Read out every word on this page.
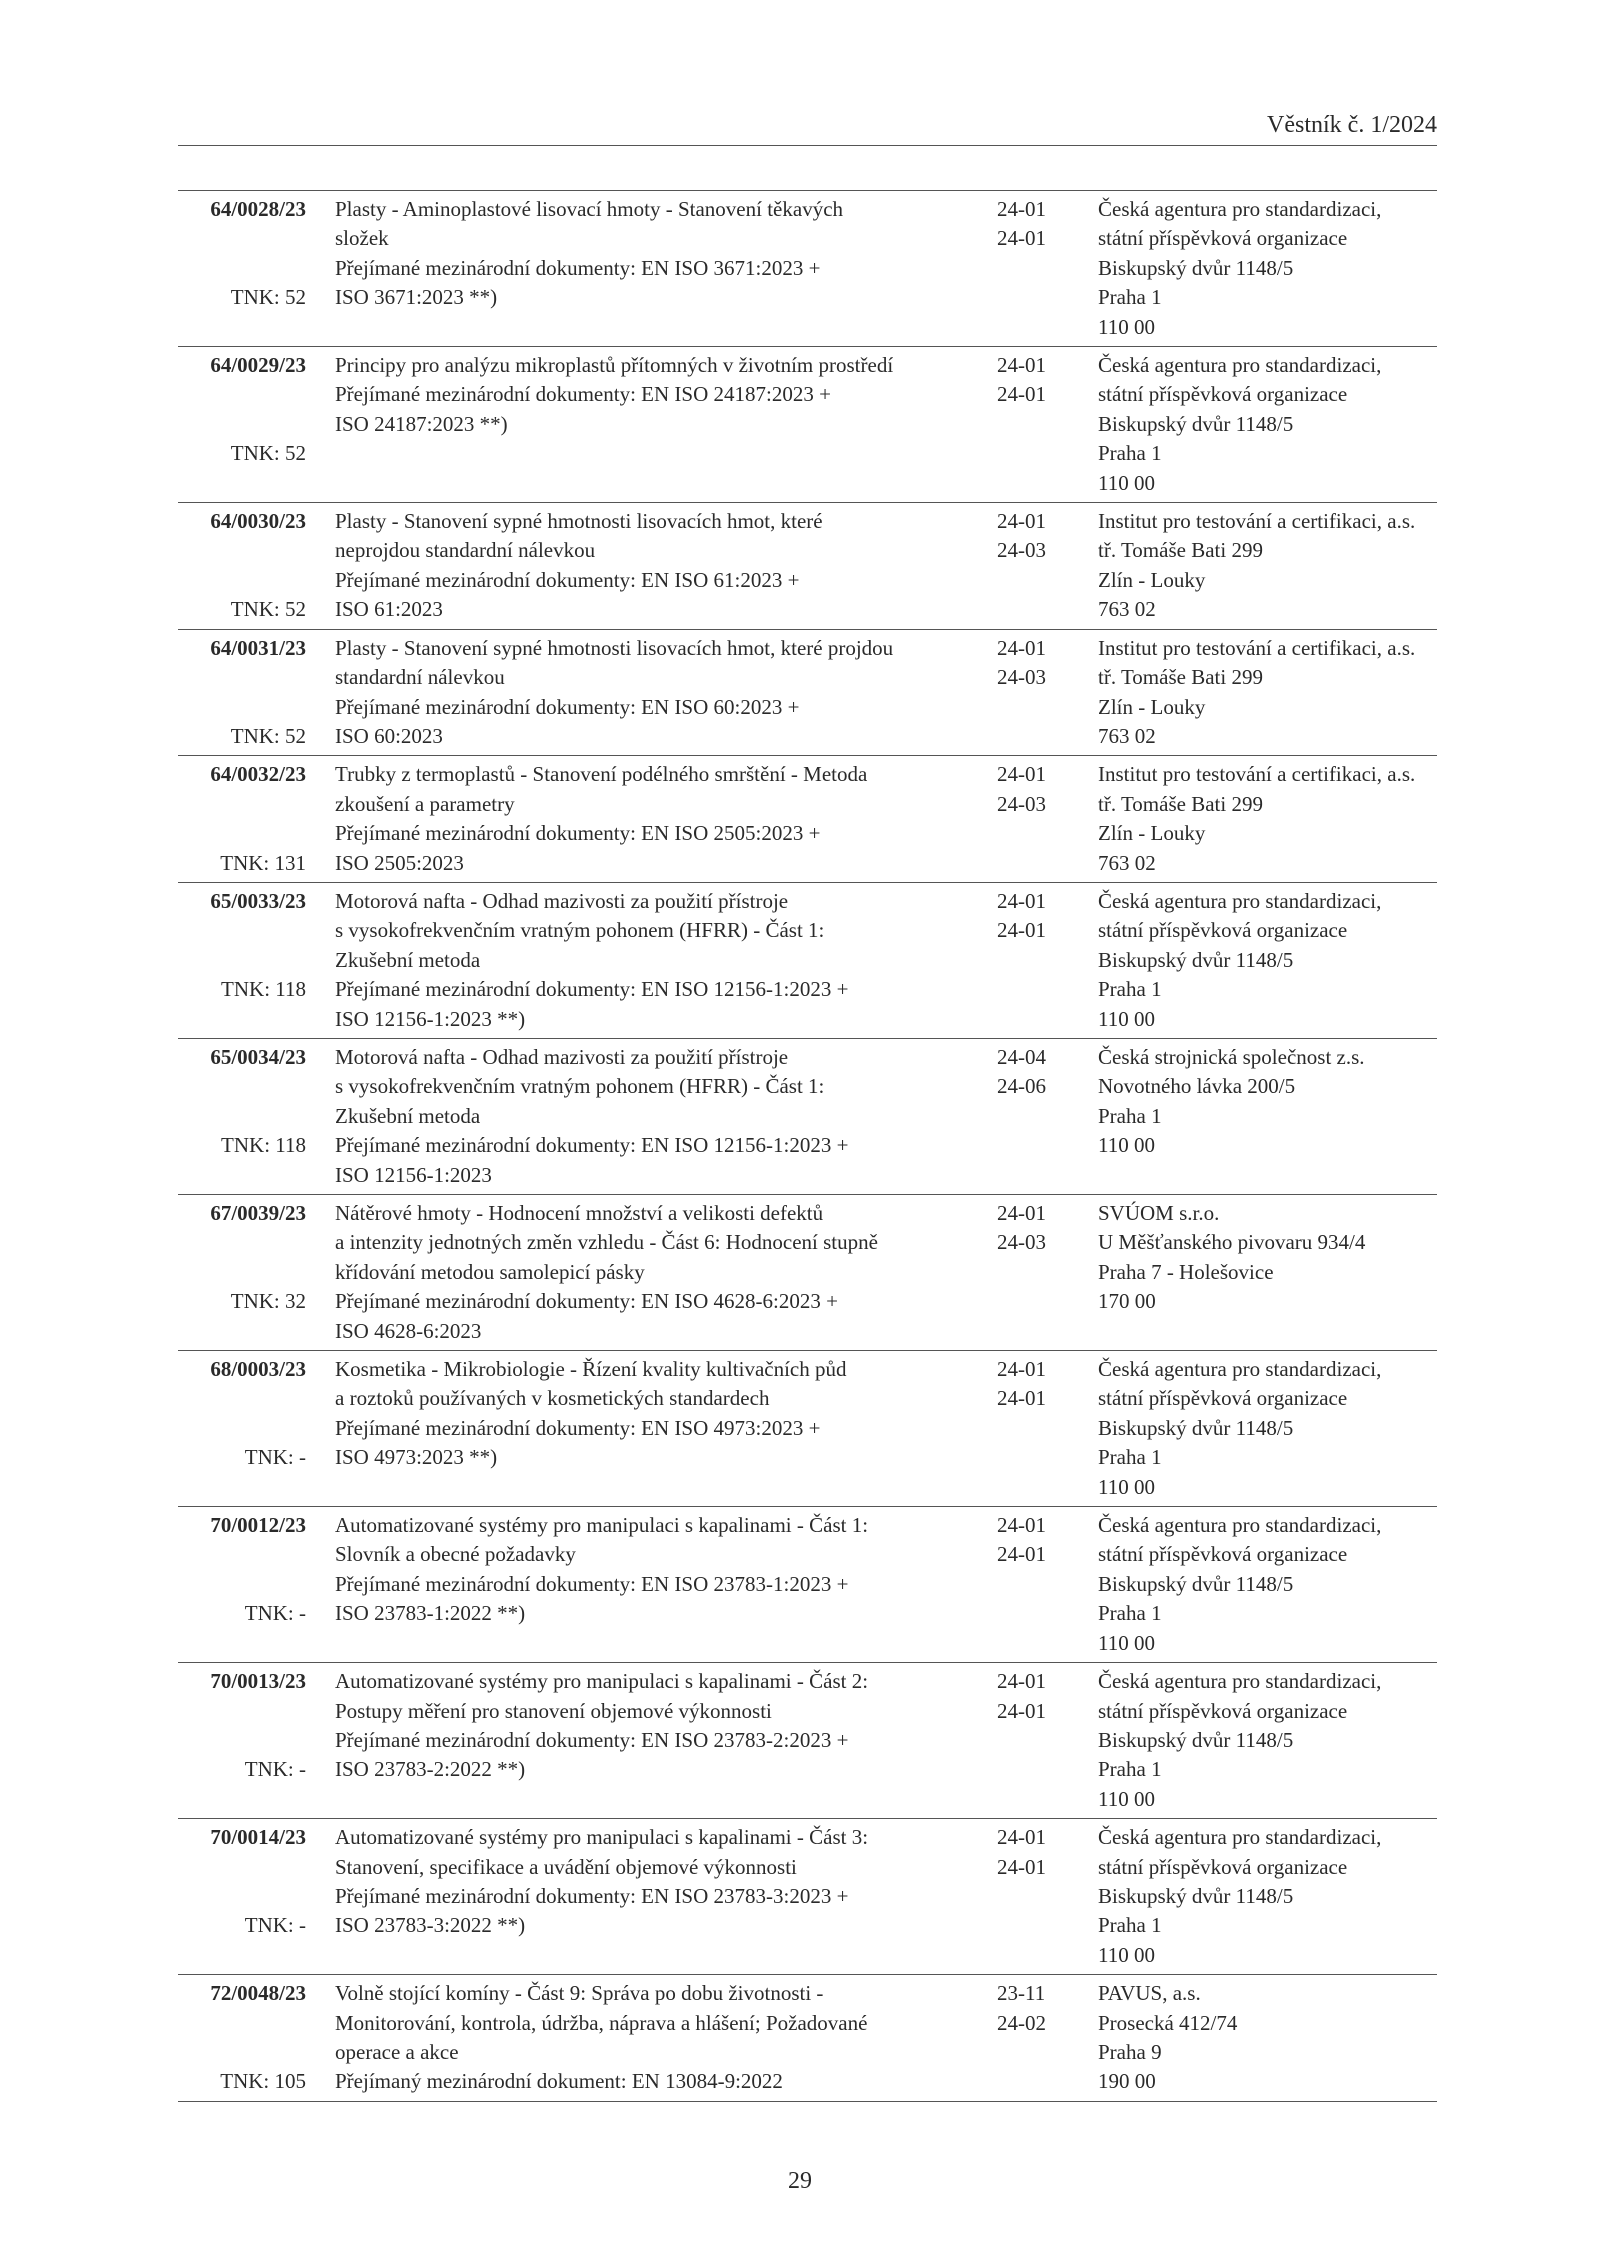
Věstník č. 1/2024
64/0028/23
TNK: 52
Plasty - Aminoplastové lisovací hmoty - Stanovení těkavých
složek
Přejímané mezinárodní dokumenty: EN ISO 3671:2023 +
ISO 3671:2023 **)

24-01
24-01
Česká agentura pro standardizaci,
státní příspěvková organizace
Biskupský dvůr 1148/5
Praha 1
110 00
64/0029/23
TNK: 52
Principy pro analýzu mikroplastů přítomných v životním prostředí
Přejímané mezinárodní dokumenty: EN ISO 24187:2023 +
ISO 24187:2023 **)

24-01
24-01
Česká agentura pro standardizaci,
státní příspěvková organizace
Biskupský dvůr 1148/5
Praha 1
110 00
64/0030/23
TNK: 52
Plasty - Stanovení sypné hmotnosti lisovacích hmot, které
neprojdou standardní nálevkou
Přejímané mezinárodní dokumenty: EN ISO 61:2023 +
ISO 61:2023
24-01
24-03
Institut pro testování a certifikaci, a.s.
tř. Tomáše Bati 299
Zlín - Louky
763 02
64/0031/23
TNK: 52
Plasty - Stanovení sypné hmotnosti lisovacích hmot, které projdou
standardní nálevkou
Přejímané mezinárodní dokumenty: EN ISO 60:2023 +
ISO 60:2023
24-01
24-03
Institut pro testování a certifikaci, a.s.
tř. Tomáše Bati 299
Zlín - Louky
763 02
64/0032/23
TNK: 131
Trubky z termoplastů - Stanovení podélného smrštění - Metoda
zkoušení a parametry
Přejímané mezinárodní dokumenty: EN ISO 2505:2023 +
ISO 2505:2023
24-01
24-03
Institut pro testování a certifikaci, a.s.
tř. Tomáše Bati 299
Zlín - Louky
763 02
65/0033/23
TNK: 118
Motorová nafta - Odhad mazivosti za použití přístroje
s vysokofrekvenčním vratným pohonem (HFRR) - Část 1:
Zkušební metoda
Přejímané mezinárodní dokumenty: EN ISO 12156-1:2023 +
ISO 12156-1:2023 **)
24-01
24-01
Česká agentura pro standardizaci,
státní příspěvková organizace
Biskupský dvůr 1148/5
Praha 1
110 00
65/0034/23
TNK: 118
Motorová nafta - Odhad mazivosti za použití přístroje
s vysokofrekvenčním vratným pohonem (HFRR) - Část 1:
Zkušební metoda
Přejímané mezinárodní dokumenty: EN ISO 12156-1:2023 +
ISO 12156-1:2023
24-04
24-06
Česká strojnická společnost z.s.
Novotného lávka 200/5
Praha 1
110 00
67/0039/23
TNK: 32
Nátěrové hmoty - Hodnocení množství a velikosti defektů
a intenzity jednotných změn vzhledu - Část 6: Hodnocení stupně
křídování metodou samolepicí pásky
Přejímané mezinárodní dokumenty: EN ISO 4628-6:2023 +
ISO 4628-6:2023
24-01
24-03
SVÚOM s.r.o.
U Měšťanského pivovaru 934/4
Praha 7 - Holešovice
170 00
68/0003/23
TNK: -
Kosmetika - Mikrobiologie - Řízení kvality kultivačních půd
a roztoků používaných v kosmetických standardech
Přejímané mezinárodní dokumenty: EN ISO 4973:2023 +
ISO 4973:2023 **)

24-01
24-01
Česká agentura pro standardizaci,
státní příspěvková organizace
Biskupský dvůr 1148/5
Praha 1
110 00
70/0012/23
TNK: -
Automatizované systémy pro manipulaci s kapalinami - Část 1:
Slovník a obecné požadavky
Přejímané mezinárodní dokumenty: EN ISO 23783-1:2023 +
ISO 23783-1:2022 **)

24-01
24-01
Česká agentura pro standardizaci,
státní příspěvková organizace
Biskupský dvůr 1148/5
Praha 1
110 00
70/0013/23
TNK: -
Automatizované systémy pro manipulaci s kapalinami - Část 2:
Postupy měření pro stanovení objemové výkonnosti
Přejímané mezinárodní dokumenty: EN ISO 23783-2:2023 +
ISO 23783-2:2022 **)

24-01
24-01
Česká agentura pro standardizaci,
státní příspěvková organizace
Biskupský dvůr 1148/5
Praha 1
110 00
70/0014/23
TNK: -
Automatizované systémy pro manipulaci s kapalinami - Část 3:
Stanovení, specifikace a uvádění objemové výkonnosti
Přejímané mezinárodní dokumenty: EN ISO 23783-3:2023 +
ISO 23783-3:2022 **)

24-01
24-01
Česká agentura pro standardizaci,
státní příspěvková organizace
Biskupský dvůr 1148/5
Praha 1
110 00
72/0048/23
TNK: 105
Volně stojící komíny - Část 9: Správa po dobu životnosti -
Monitorování, kontrola, údržba, náprava a hlášení; Požadované
operace a akce
Přejímaný mezinárodní dokument: EN 13084-9:2022
23-11
24-02
PAVUS, a.s.
Prosecká 412/74
Praha 9
190 00
29
